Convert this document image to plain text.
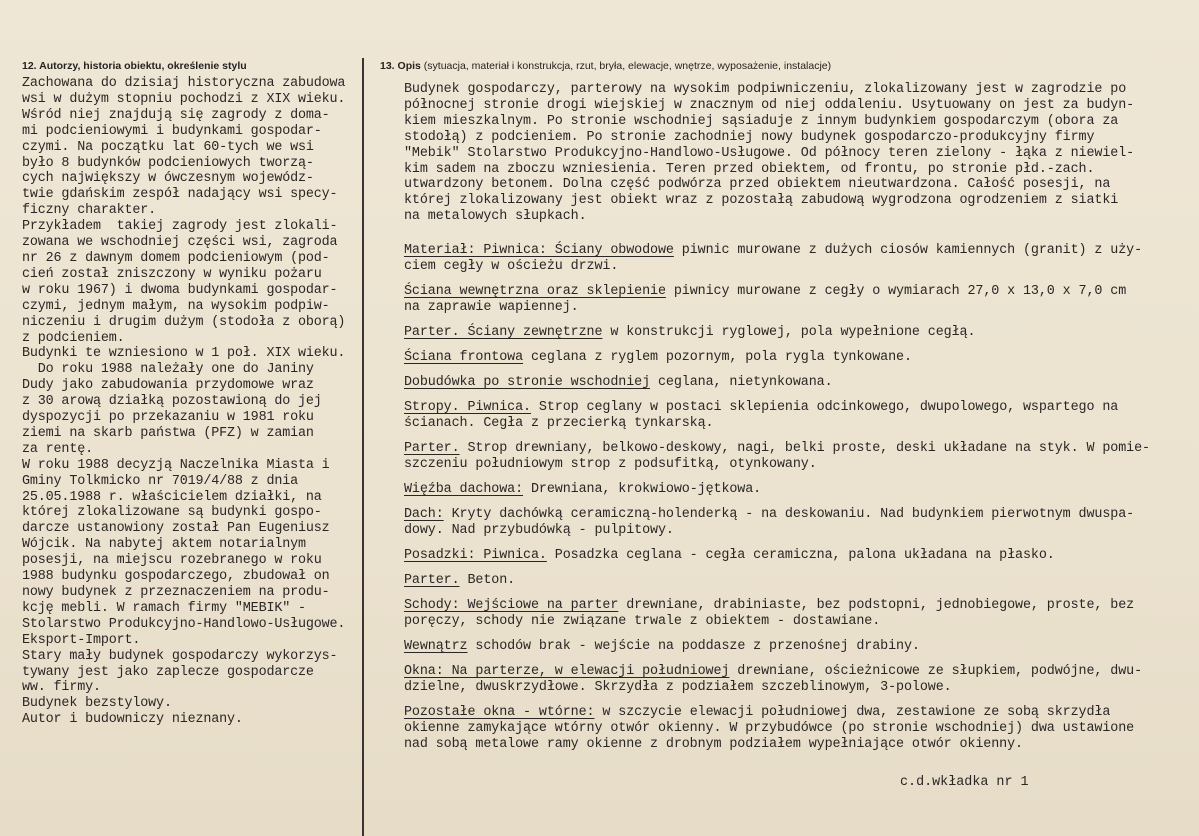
12. Autorzy, historia obiektu, określenie stylu
Zachowana do dzisiaj historyczna zabudowa
wsi w dużym stopniu pochodzi z XIX wieku.
Wśród niej znajdują się zagrody z doma-
mi podcieniowymi i budynkami gospodar-
czymi. Na początku lat 60-tych we wsi
było 8 budynków podcieniowych tworzą-
cych największy w ówczesnym wojewódz-
twie gdańskim zespół nadający wsi specy-
ficzny charakter.
Przykładem  takiej zagrody jest zlokali-
zowana we wschodniej części wsi, zagroda
nr 26 z dawnym domem podcieniowym (pod-
cień został zniszczony w wyniku pożaru
w roku 1967) i dwoma budynkami gospodar-
czymi, jednym małym, na wysokim podpiw-
niczeniu i drugim dużym (stodoła z oborą)
z podcieniem.
Budynki te wzniesiono w 1 poł. XIX wieku.
Do roku 1988 należały one do Janiny
Dudy jako zabudowania przydomowe wraz
z 30 arową działką pozostawioną do jej
dyspozycji po przekazaniu w 1981 roku
ziemi na skarb państwa (PFZ) w zamian
za rentę.
W roku 1988 decyzją Naczelnika Miasta i
Gminy Tolkmicko nr 7019/4/88 z dnia
25.05.1988 r. właścicielem działki, na
której zlokalizowane są budynki gospo-
darcze ustanowiony został Pan Eugeniusz
Wójcik. Na nabytej aktem notarialnym
posesji, na miejscu rozebranego w roku
1988 budynku gospodarczego, zbudował on
nowy budynek z przeznaczeniem na produ-
kcję mebli. W ramach firmy "MEBIK" -
Stolarstwo Produkcyjno-Handlowo-Usługowe.
Eksport-Import.
Stary mały budynek gospodarczy wykorzys-
tywany jest jako zaplecze gospodarcze
ww. firmy.
Budynek bezstylowy.
Autor i budowniczy nieznany.
13. Opis (sytuacja, materiał i konstrukcja, rzut, bryła, elewacje, wnętrze, wyposażenie, instalacje)
Budynek gospodarczy, parterowy na wysokim podpiwniczeniu, zlokalizowany jest w zagrodzie po
północnej stronie drogi wiejskiej w znacznym od niej oddaleniu. Usytuowany on jest za budyn-
kiem mieszkalnym. Po stronie wschodniej sąsiaduje z innym budynkiem gospodarczym (obora za
stodołą) z podcieniem. Po stronie zachodniej nowy budynek gospodarczo-produkcyjny firmy
"Mebik" Stolarstwo Produkcyjno-Handlowo-Usługowe. Od północy teren zielony - łąka z niewiel-
kim sadem na zboczu wzniesienia. Teren przed obiektem, od frontu, po stronie płd.-zach.
utwardzony betonem. Dolna część podwórza przed obiektem nieutwardzona. Całość posesji, na
której zlokalizowany jest obiekt wraz z pozostałą zabudową wygrodzona ogrodzeniem z siatki
na metalowych słupkach.
Materiał: Piwnica: Ściany obwodowe piwnic murowane z dużych ciosów kamiennych (granit) z uży-
ciem cegły w ościeżu drzwi.
Ściana wewnętrzna oraz sklepienie piwnicy murowane z cegły o wymiarach 27,0 x 13,0 x 7,0 cm
na zaprawie wapiennej.
Parter. Ściany zewnętrzne w konstrukcji ryglowej, pola wypełnione cegłą.
Ściana frontowa ceglana z ryglem pozornym, pola rygla tynkowane.
Dobudówka po stronie wschodniej ceglana, nietynkowana.
Stropy. Piwnica. Strop ceglany w postaci sklepienia odcinkowego, dwupolowego, wspartego na
ścianach. Cegła z przecierką tynkarską.
Parter. Strop drewniany, belkowo-deskowy, nagi, belki proste, deski układane na styk. W pomie-
szczeniu południowym strop z podsufitką, otynkowany.
Więźba dachowa: Drewniana, krokwiowo-jętkowa.
Dach: Kryty dachówką ceramiczną-holenderką - na deskowaniu. Nad budynkiem pierwotnym dwuspa-
dowy. Nad przybudówką - pulpitowy.
Posadzki: Piwnica. Posadzka ceglana - cegła ceramiczna, palona układana na płasko.
Parter. Beton.
Schody: Wejściowe na parter drewniane, drabiniaste, bez podstopni, jednobiegowe, proste, bez
poręczy, schody nie związane trwale z obiektem - dostawiane.
Wewnątrz schodów brak - wejście na poddasze z przenośnej drabiny.
Okna: Na parterze, w elewacji południowej drewniane, ościeżnicowe ze słupkiem, podwójne, dwu-
dzielne, dwuskrzydłowe. Skrzydła z podziałem szczeblinowym, 3-polowe.
Pozostałe okna - wtórne: w szczycie elewacji południowej dwa, zestawione ze sobą skrzydła
okienne zamykające wtórny otwór okienny. W przybudówce (po stronie wschodniej) dwa ustawione
nad sobą metalowe ramy okienne z drobnym podziałem wypełniające otwór okienny.
c.d.wkładka nr 1
